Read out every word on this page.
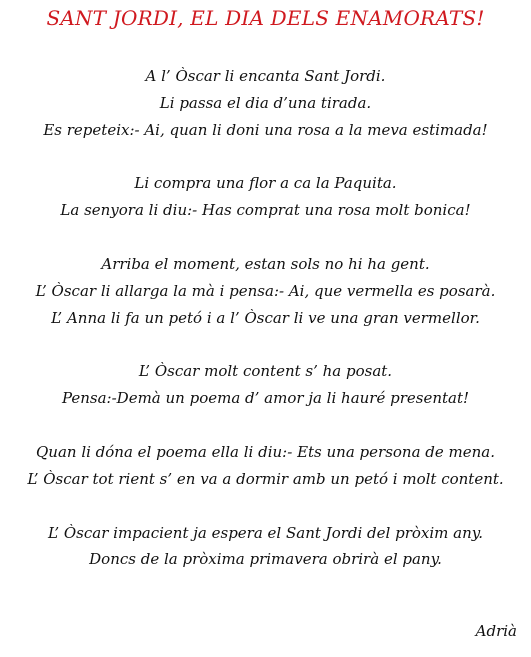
SANT JORDI, EL DIA DELS ENAMORATS!
A l’ Òscar li encanta Sant Jordi.
Li passa el dia d’una tirada.
Es repeteix:- Ai, quan li doni una rosa a la meva estimada!
Li compra una flor a ca la Paquita.
La senyora li diu:- Has comprat una rosa molt bonica!
Arriba el moment, estan sols no hi ha gent.
L’ Òscar li allarga la mà i pensa:- Ai, que vermella es posarà.
L’ Anna li fa un petó i a l’ Òscar li ve una gran vermellor.
L’ Òscar molt content s’ ha posat.
Pensa:-Demà un poema d’ amor ja li hauré presentat!
Quan li dóna el poema ella li diu:- Ets una persona de mena.
L’ Òscar tot rient s’ en va a dormir amb un petó i molt content.
L’ Òscar impacient ja espera el Sant Jordi del pròxim any.
Doncs de la pròxima primavera obrirà el pany.
Adrià
